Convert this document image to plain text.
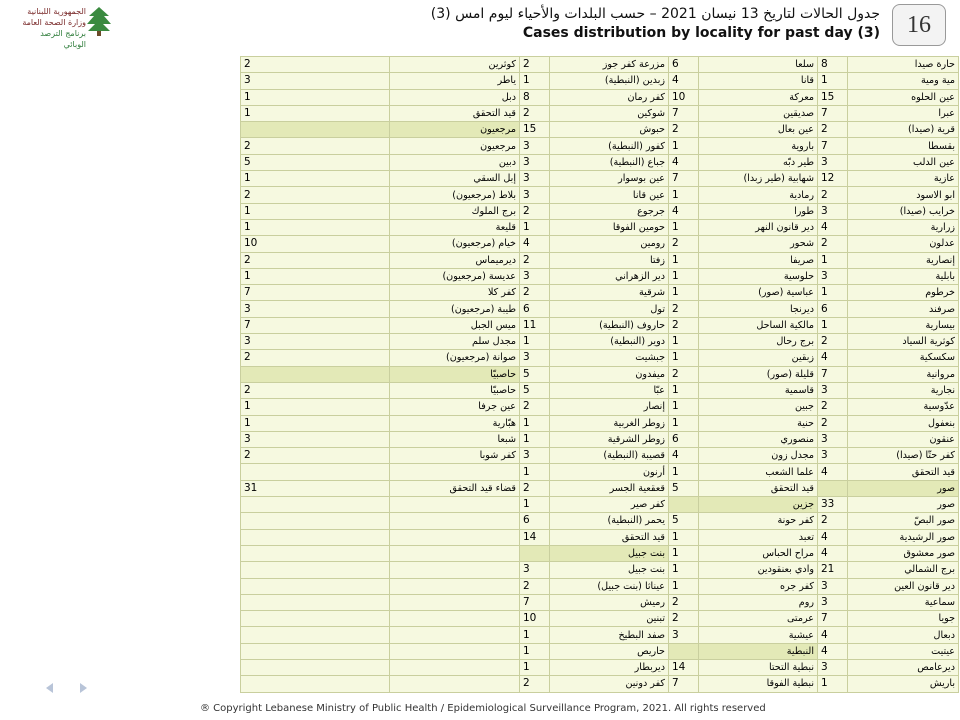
الجمهورية اللبنانية
وزارة الصحة العامة
برنامج الترصد الوبائي
جدول الحالات لتاريخ 13 نيسان 2021 – حسب البلدات والأحياء ليوم امس (3)
Cases distribution by locality for past day (3)	16
حارة صيدا	8	سلعا	6	مزرعة كفر جوز	2	كوثرين	2
مية ومية	1	قانا	4	زبدين (النبطية)	1	ياطر	3
عين الحلوه	15	معركة	10	كفر رمان	8	دبل	1
عبرا	7	صديقين	7	شوكين	2	قيد التحقق	1
قرية (صيدا)	2	عين بعال	2	حبوش	15	مرجعيون	
بقسطا	7	باروية	1	كفور (النبطية)	3	مرجعيون	2
عين الدلب	3	طير دبّه	4	جباع (النبطية)	3	دبين	5
عازية	12	شهابية (طير زبدا)	7	عين بوسوار	3	إبل السقي	1
ابو الاسود	2	رمادية	1	عين قانا	3	بلاط (مرجعيون)	2
خرايب (صيدا)	3	طورا	4	جرجوع	2	برج الملوك	1
زرارية	4	دير قانون النهر	1	حومين الفوقا	1	قليعة	1
عدلون	2	شحور	2	رومين	4	خيام (مرجعيون)	10
إنصارية	1	صريفا	1	زفتا	2	ديرميماس	2
بابلية	3	حلوسية	1	دير الزهراني	3	عديسة (مرجعيون)	1
خرطوم	1	عباسية (صور)	1	شرقية	2	كفر كلا	7
صرفند	6	ديرنجا	2	تول	6	طيبة (مرجعيون)	3
بيسارية	1	مالكية الساحل	2	حاروف (النبطية)	11	ميس الجبل	7
كوثرية السياد	2	برج رحال	1	دوير (النبطية)	1	مجدل سلم	3
سكسكية	4	زبقين	1	جبشيت	3	صوانة (مرجعيون)	2
مروانية	7	قليلة (صور)	2	ميفدون	5	حاصبيّا	
نجارية	3	قاسمية	1	عبّا	5	حاصبيّا	2
عدّوسية	2	جبين	1	إنصار	2	عين جرفا	1
بنعفول	2	حنية	1	زوطر الغربية	1	هبّارية	1
عنقون	3	منصوري	6	زوطر الشرقية	1	شبعا	3
كفر حتّا (صيدا)	3	مجدل زون	4	قصيبة (النبطية)	3	كفر شوبا	2
قيد التحقق	4	علما الشعب	1	أرنون	1		
صور		قيد التحقق	5	قعقعية الجسر	2	قضاء قيد التحقق	31
صور	33	جزين		كفر صير	1		
صور البصّ	2	كفر حونة	5	يحمر (النبطية)	6		
صور الرشيدية	4	تعبد	1	قيد التحقق	14		
صور معشوق	4	مراح الحباس	1	بنت جبيل			
برج الشمالي	21	وادي بعنقودين	1	بنت جبيل	3		
دير قانون العين	3	كفر جره	1	عيناثا (بنت جبيل)	2		
سماعية	3	روم	2	رميش	7		
جويا	7	عرمتى	2	تبنين	10		
دبعال	4	عيشية	3	صفد البطيخ	1		
عيتيت	4	النبطية		حاريص	1		
ديرعامص	3	نبطية التحتا	14	ديربطار	1		
باريش	1	نبطية الفوقا	7	كفر دونين	2		

® Copyright Lebanese Ministry of Public Health / Epidemiological Surveillance Program, 2021. All rights reserved
